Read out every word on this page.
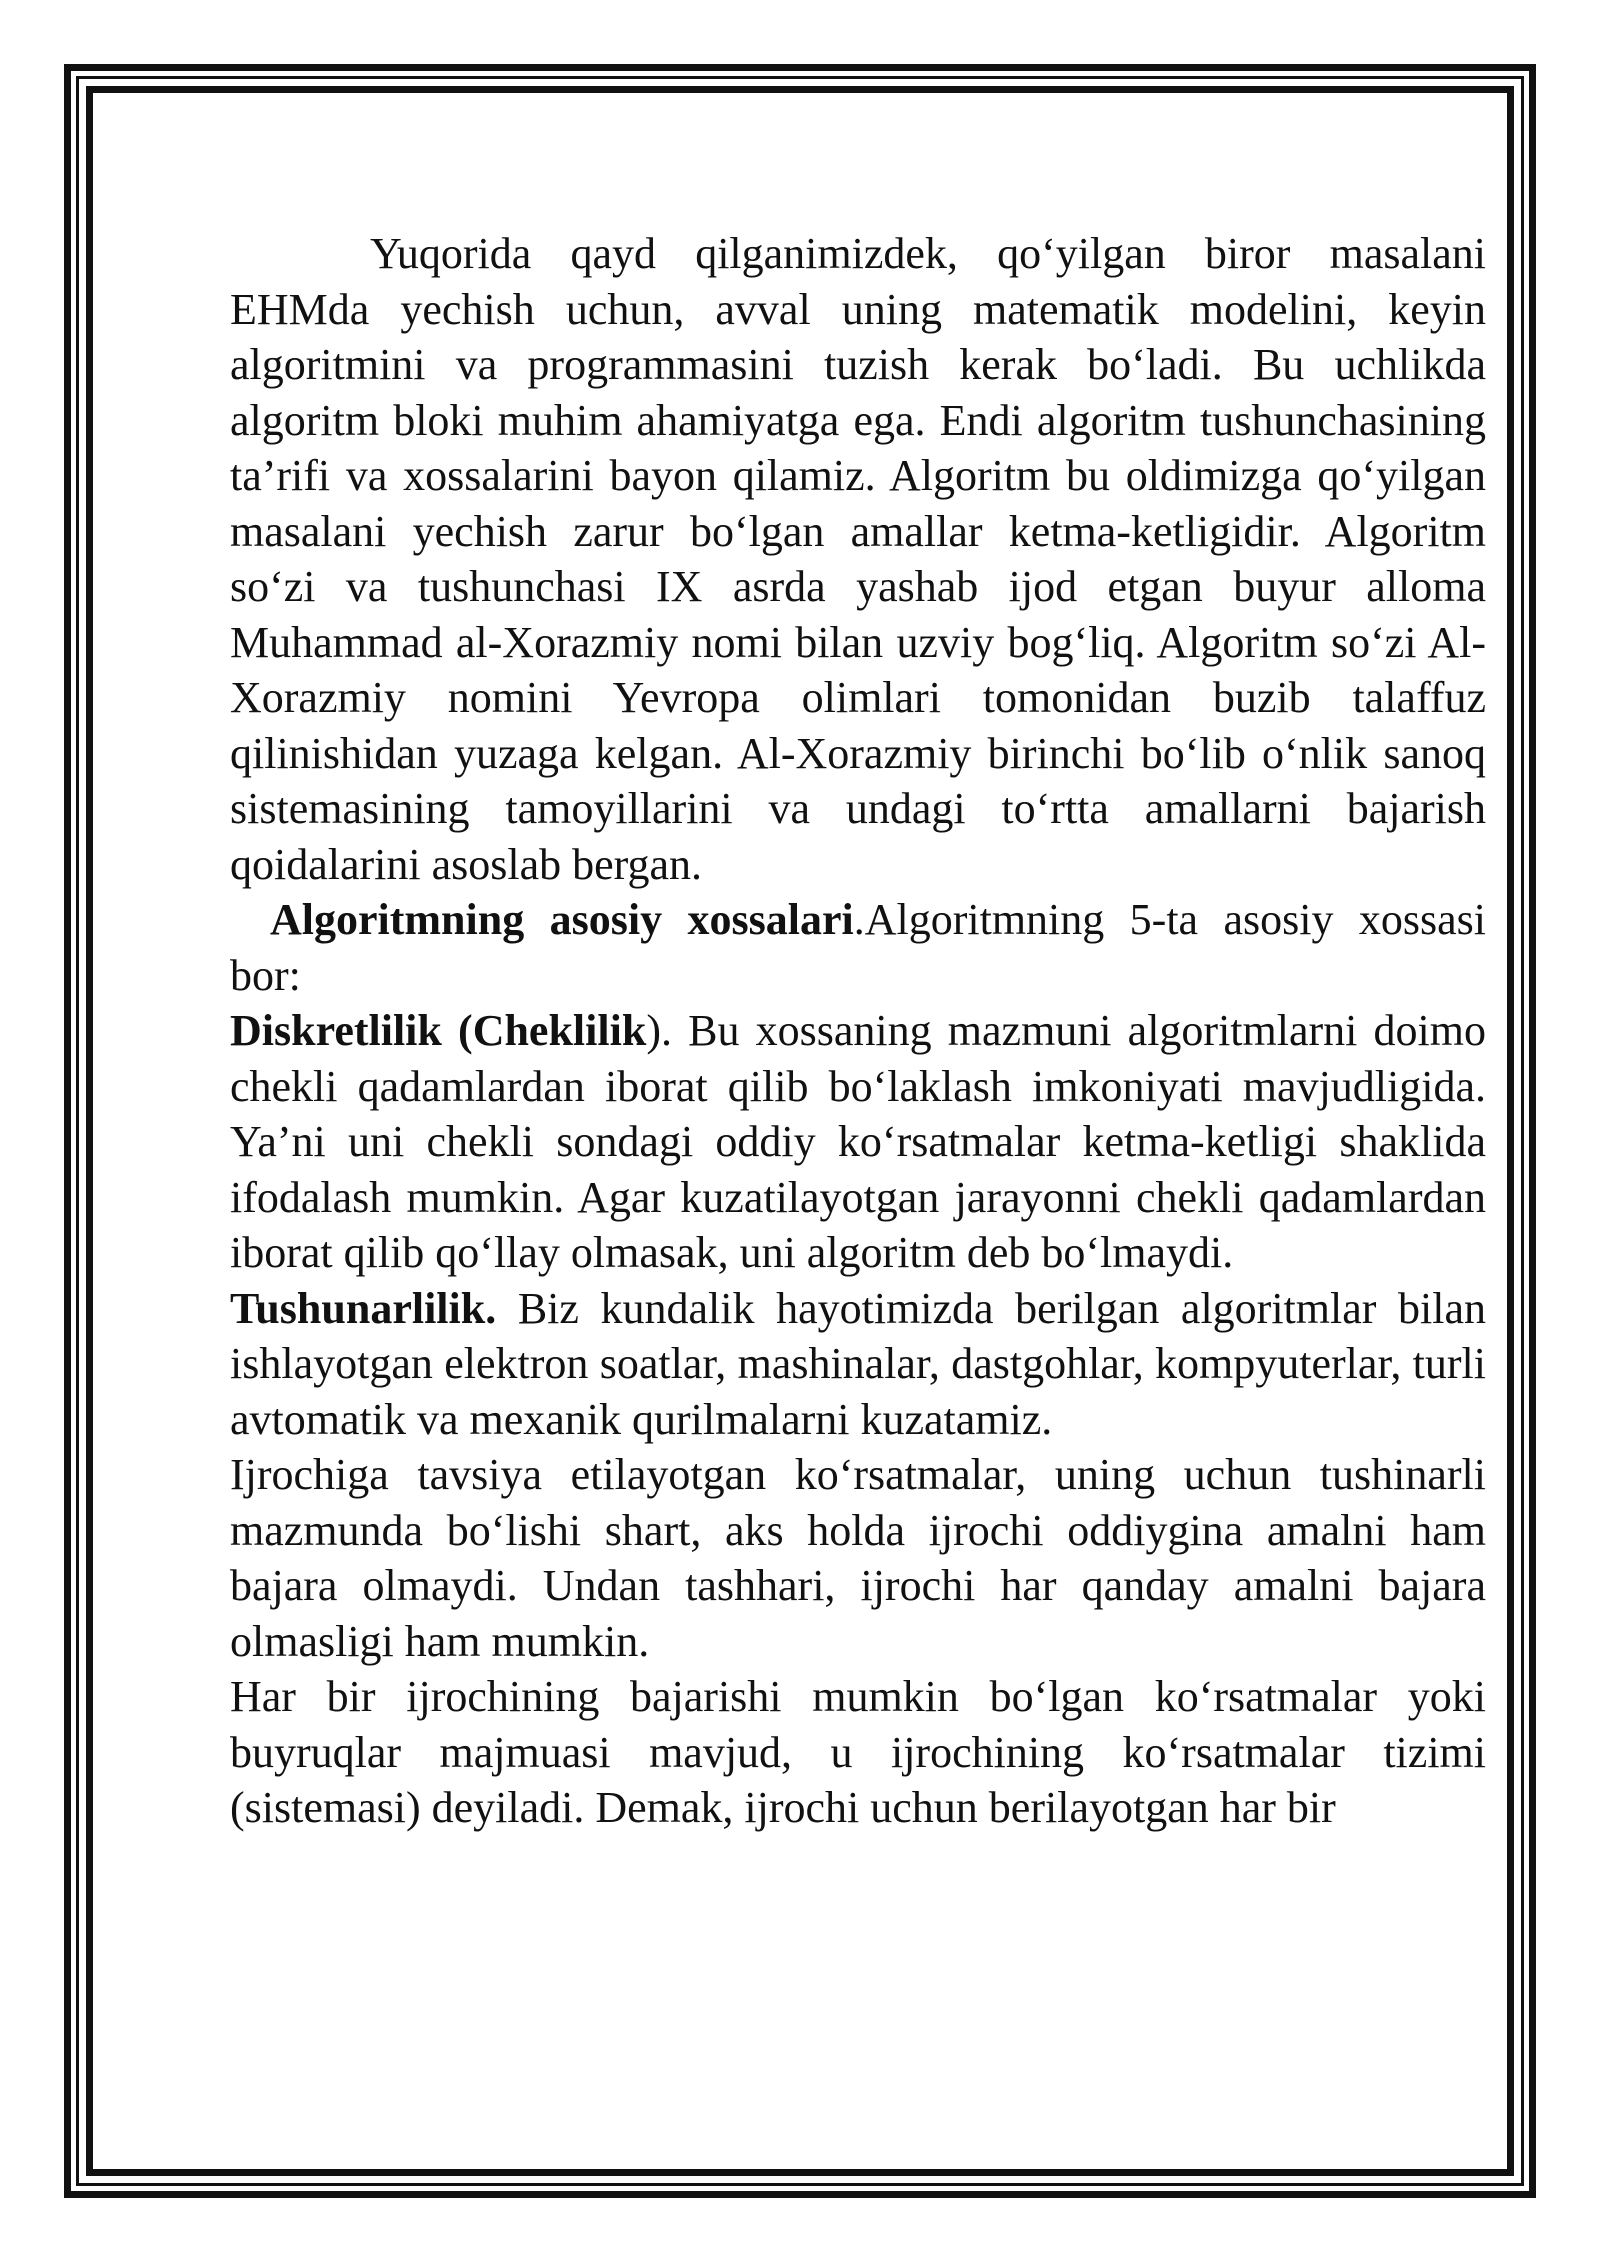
Yuqorida qayd qilganimizdek, qo‘yilgan biror masalani EHMda yechish uchun, avval uning matematik modelini, keyin algoritmini va programmasini tuzish kerak bo‘ladi. Bu uchlikda algoritm bloki muhim ahamiyatga ega. Endi algoritm tushunchasining ta’rifi va xossalarini bayon qilamiz. Algoritm bu oldimizga qo‘yilgan masalani yechish zarur bo‘lgan amallar ketma-ketligidir. Algoritm so‘zi va tushunchasi IX asrda yashab ijod etgan buyur alloma Muhammad al-Xorazmiy nomi bilan uzviy bog‘liq. Algoritm so‘zi Al-Xorazmiy nomini Yevropa olimlari tomonidan buzib talaffuz qilinishidan yuzaga kelgan. Al-Xorazmiy birinchi bo‘lib o‘nlik sanoq sistemasining tamoyillarini va undagi to‘rtta amallarni bajarish qoidalarini asoslab bergan.

Algoritmning asosiy xossalari.Algoritmning 5-ta asosiy xossasi bor:

Diskretlilik (Cheklilik). Bu xossaning mazmuni algoritmlarni doimo chekli qadamlardan iborat qilib bo‘laklash imkoniyati mavjudligida. Ya’ni uni chekli sondagi oddiy ko‘rsatmalar ketma-ketligi shaklida ifodalash mumkin. Agar kuzatilayotgan jarayonni chekli qadamlardan iborat qilib qo‘llay olmasak, uni algoritm deb bo‘lmaydi.

Tushunarlilik. Biz kundalik hayotimizda berilgan algoritmlar bilan ishlayotgan elektron soatlar, mashinalar, dastgohlar, kompyuterlar, turli avtomatik va mexanik qurilmalarni kuzatamiz.

Ijrochiga tavsiya etilayotgan ko‘rsatmalar, uning uchun tushinarli mazmunda bo‘lishi shart, aks holda ijrochi oddiygina amalni ham bajara olmaydi. Undan tashhari, ijrochi har qanday amalni bajara olmasligi ham mumkin.

Har bir ijrochining bajarishi mumkin bo‘lgan ko‘rsatmalar yoki buyruqlar majmuasi mavjud, u ijrochining ko‘rsatmalar tizimi (sistemasi) deyiladi. Demak, ijrochi uchun berilayotgan har bir
